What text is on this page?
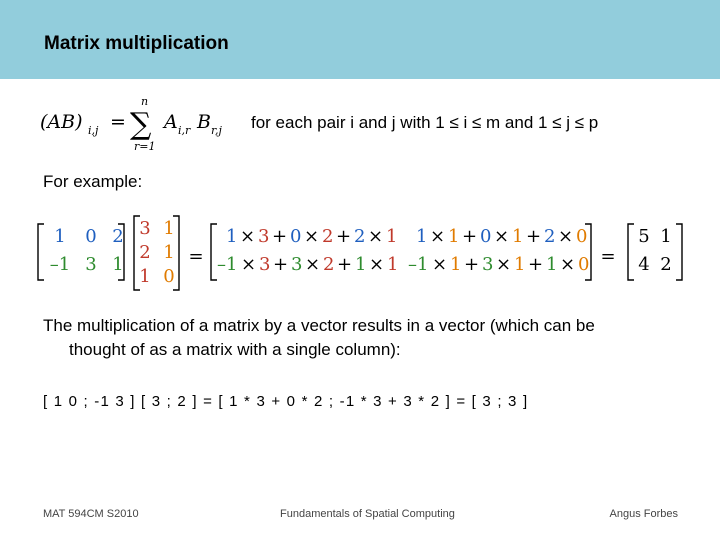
Matrix multiplication
(AB) i,j =
n
∑
r=1
A i,r B r,j for each pair i and j with 1 ≤ i ≤ m and 1 ≤ j ≤ p
For example:
1 0 2
–1 3 1
3 1
2 1
1 0
=
1 × 3 + 0 × 2 + 2 × 1 1 × 1 + 0 × 1 + 2 × 0
–1 × 3 + 3 × 2 + 1 × 1 –1 × 1 + 3 × 1 + 1 × 0 =
5 1
4 2
The multiplication of a matrix by a vector results in a vector (which can be
thought of as a matrix with a single column):
[ 1 0 ; -1 3 ] [ 3 ; 2 ] = [ 1 * 3 + 0 * 2 ; -1 * 3 + 3 * 2 ] = [ 3 ; 3 ]
MAT 594CM S2010	Fundamentals of Spatial Computing	Angus Forbes
